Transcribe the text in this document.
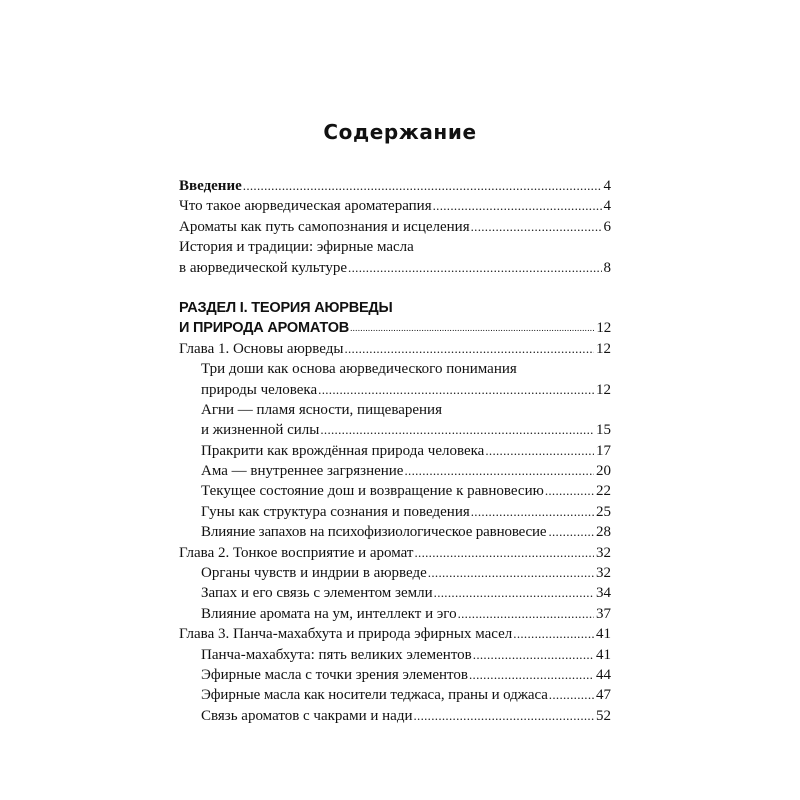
Содержание
Введение .....	4
Что такое аюрведическая ароматерапия .....	4
Ароматы как путь самопознания и исцеления .....	6
История и традиции: эфирные масла
в аюрведической культуре .....	8
РАЗДЕЛ I. ТЕОРИЯ АЮРВЕДЫ
И ПРИРОДА АРОМАТОВ .....	12
Глава 1. Основы аюрведы .....	12
Три доши как основа аюрведического понимания
природы человека .....	12
Агни — пламя ясности, пищеварения
и жизненной силы .....	15
Пракрити как врождённая природа человека .....	17
Ама — внутреннее загрязнение .....	20
Текущее состояние дош и возвращение к равновесию .....	22
Гуны как структура сознания и поведения .....	25
Влияние запахов на психофизиологическое равновесие .....	28
Глава 2. Тонкое восприятие и аромат .....	32
Органы чувств и индрии в аюрведе .....	32
Запах и его связь с элементом земли .....	34
Влияние аромата на ум, интеллект и эго .....	37
Глава 3. Панча-махабхута и природа эфирных масел .....	41
Панча-махабхута: пять великих элементов .....	41
Эфирные масла с точки зрения элементов .....	44
Эфирные масла как носители теджаса, праны и оджаса .....	47
Связь ароматов с чакрами и нади .....	52
